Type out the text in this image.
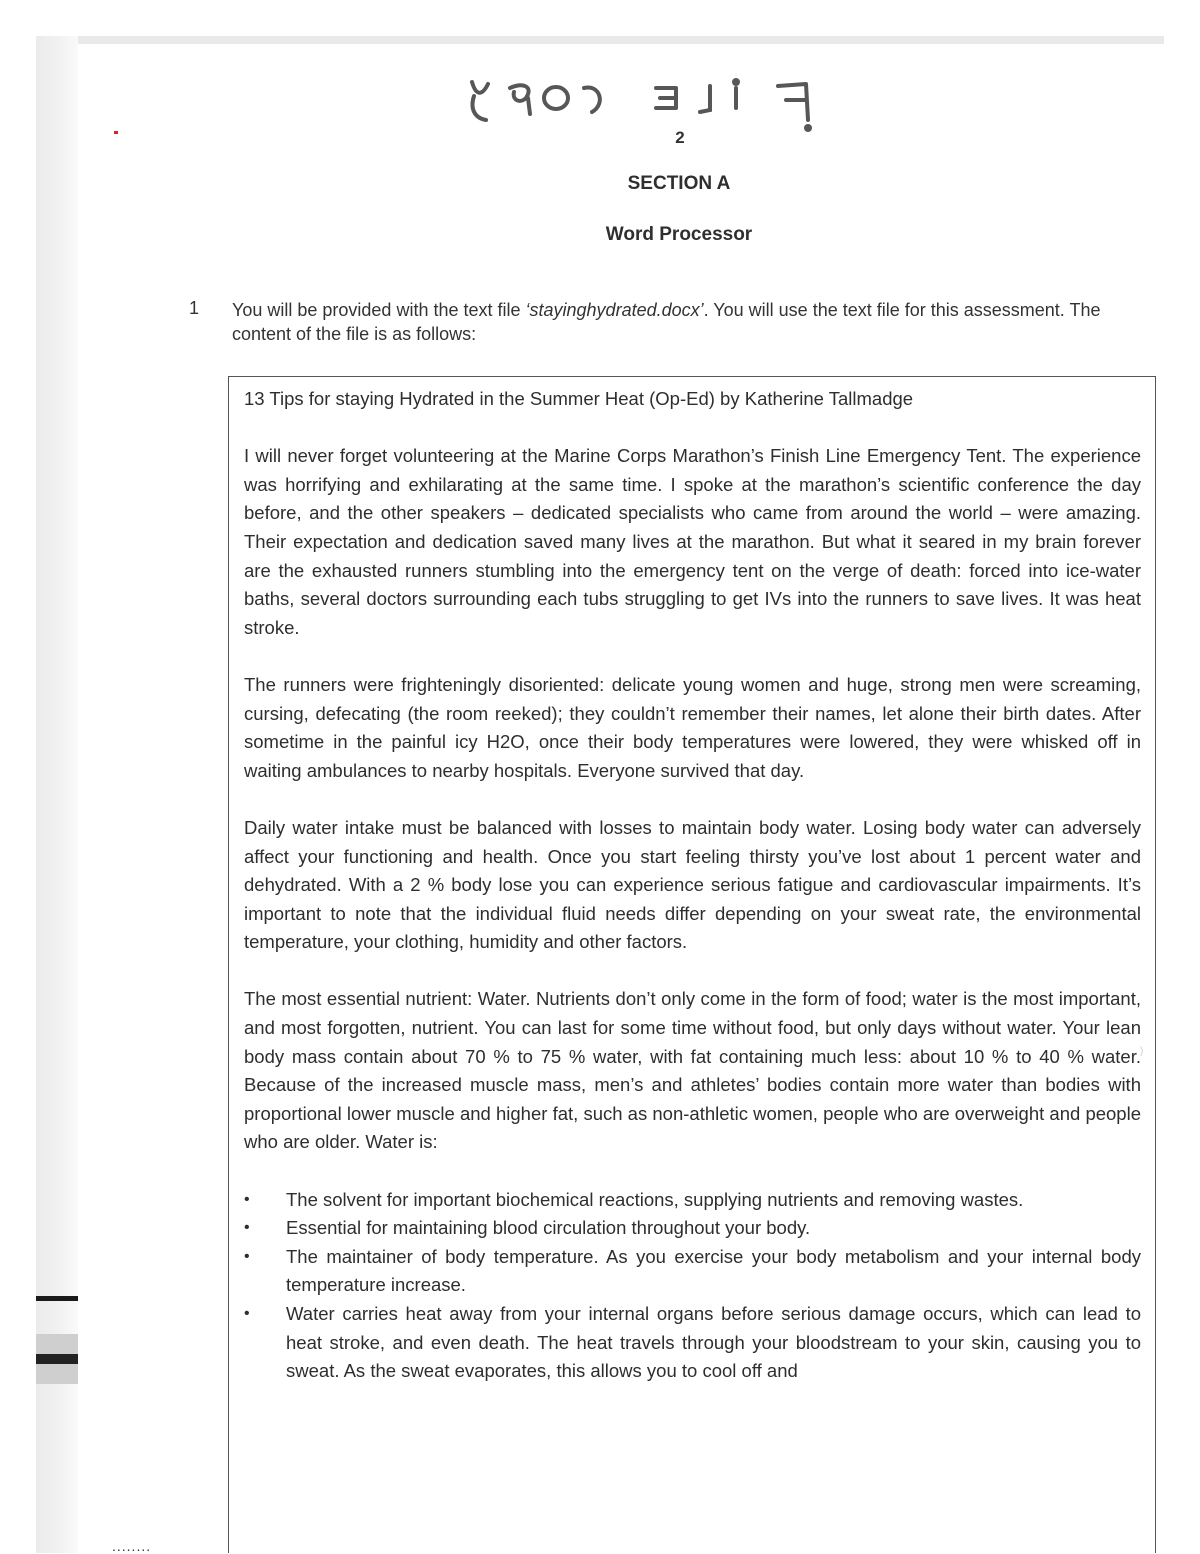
)
2
SECTION A
Word Processor
1 You will be provided with the text file ‘stayinghydrated.docx’. You will use the text file for this assessment. The content of the file is as follows:

13 Tips for staying Hydrated in the Summer Heat (Op-Ed) by Katherine Tallmadge

I will never forget volunteering at the Marine Corps Marathon’s Finish Line Emergency Tent. The experience was horrifying and exhilarating at the same time. I spoke at the marathon’s scientific conference the day before, and the other speakers – dedicated specialists who came from around the world – were amazing. Their expectation and dedication saved many lives at the marathon. But what it seared in my brain forever are the exhausted runners stumbling into the emergency tent on the verge of death: forced into ice-water baths, several doctors surrounding each tubs struggling to get IVs into the runners to save lives. It was heat stroke.

The runners were frighteningly disoriented: delicate young women and huge, strong men were screaming, cursing, defecating (the room reeked); they couldn’t remember their names, let alone their birth dates. After sometime in the painful icy H2O, once their body temperatures were lowered, they were whisked off in waiting ambulances to nearby hospitals. Everyone survived that day.

Daily water intake must be balanced with losses to maintain body water. Losing body water can adversely affect your functioning and health. Once you start feeling thirsty you’ve lost about 1 percent water and dehydrated. With a 2 % body lose you can experience serious fatigue and cardiovascular impairments. It’s important to note that the individual fluid needs differ depending on your sweat rate, the environmental temperature, your clothing, humidity and other factors.

The most essential nutrient: Water. Nutrients don’t only come in the form of food; water is the most important, and most forgotten, nutrient. You can last for some time without food, but only days without water. Your lean body mass contain about 70 % to 75 % water, with fat containing much less: about 10 % to 40 % water. Because of the increased muscle mass, men’s and athletes’ bodies contain more water than bodies with proportional lower muscle and higher fat, such as non-athletic women, people who are overweight and people who are older. Water is:

• The solvent for important biochemical reactions, supplying nutrients and removing wastes.
• Essential for maintaining blood circulation throughout your body.
• The maintainer of body temperature. As you exercise your body metabolism and your internal body temperature increase.
• Water carries heat away from your internal organs before serious damage occurs, which can lead to heat stroke, and even death. The heat travels through your bloodstream to your skin, causing you to sweat. As the sweat evaporates, this allows you to cool off and
........
